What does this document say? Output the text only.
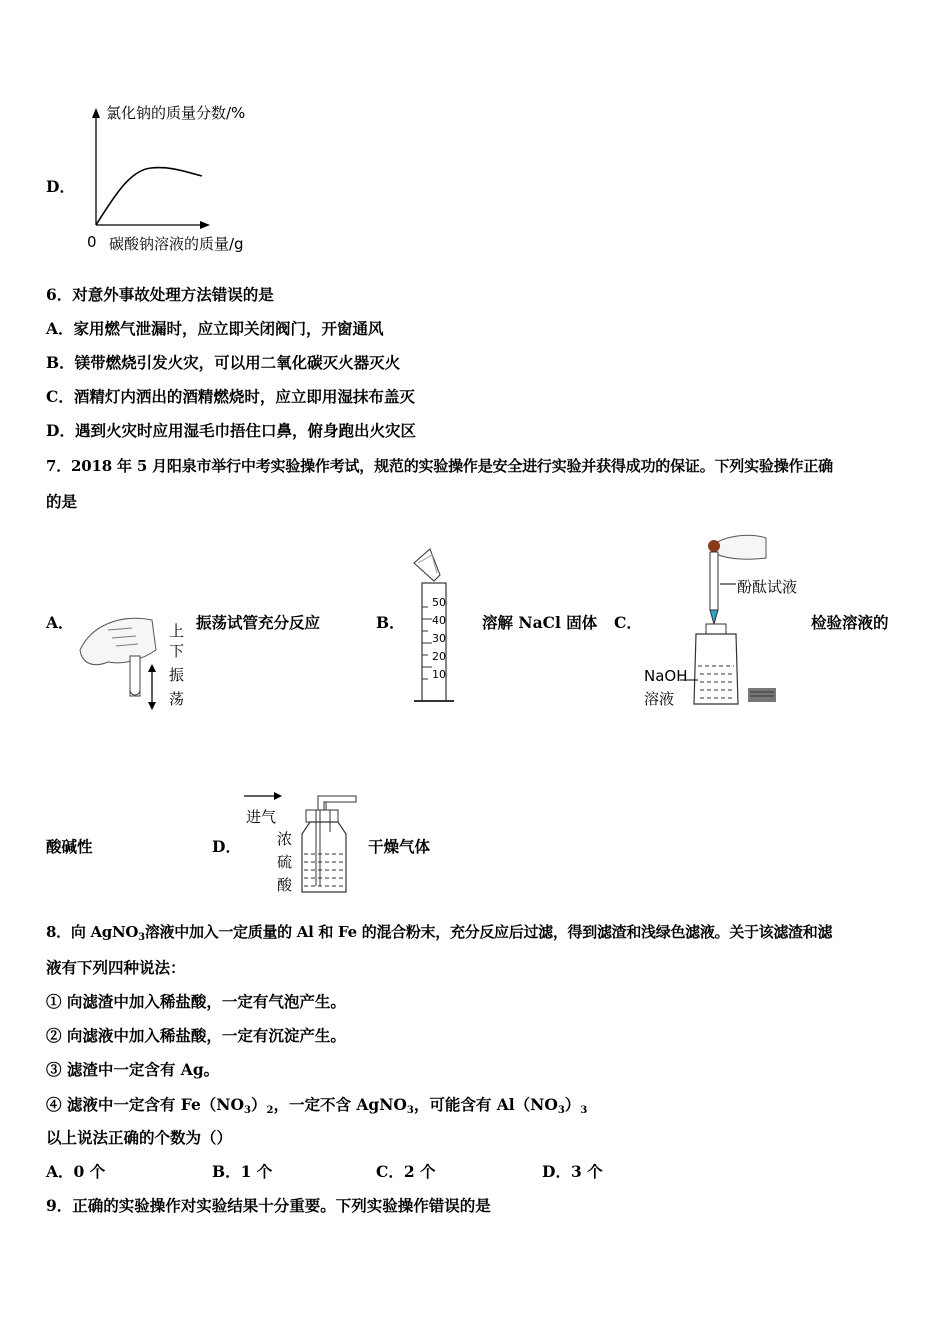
D．
氯化钠的质量分数/%
0 碳酸钠溶液的质量/g
6．对意外事故处理方法错误的是
A．家用燃气泄漏时，应立即关闭阀门，开窗通风
B．镁带燃烧引发火灾，可以用二氧化碳灭火器灭火
C．酒精灯内洒出的酒精燃烧时，应立即用湿抹布盖灭
D．遇到火灾时应用湿毛巾捂住口鼻，俯身跑出火灾区
7．2018 年 5 月阳泉市举行中考实验操作考试，规范的实验操作是安全进行实验并获得成功的保证。下列实验操作正确
的是
A．	上
下
振
荡
振荡试管充分反应	B．
50
40
30
20
10
溶解 NaCl 固体 C．
酚酞试液
NaOH
溶液
检验溶液的
酸碱性	D．
进气
浓
硫
酸
干燥气体
8．向 AgNO$_3$溶液中加入一定质量的 Al 和 Fe 的混合粉末，充分反应后过滤，得到滤渣和浅绿色滤液。关于该滤渣和滤
液有下列四种说法：
① 向滤渣中加入稀盐酸，一定有气泡产生。
② 向滤液中加入稀盐酸，一定有沉淀产生。
③ 滤渣中一定含有 Ag。
④ 滤液中一定含有 $Fe(NO_3)_2$，一定不含 AgNO$_3$，可能含有 $Al(NO_3)_3$
以上说法正确的个数为（）
A．0 个	B．1 个	C．2 个	D．3 个
9．正确的实验操作对实验结果十分重要。下列实验操作错误的是
